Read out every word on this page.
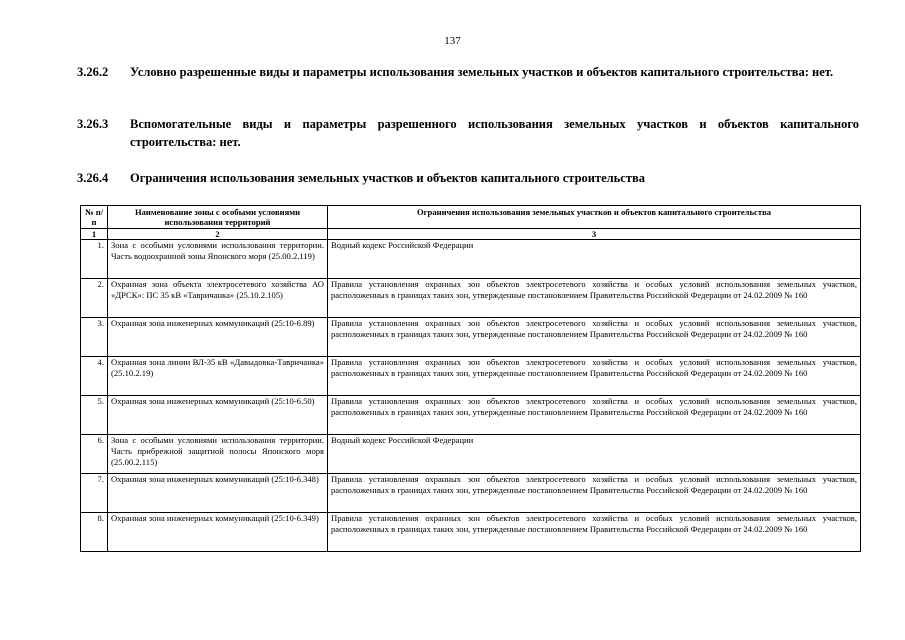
137
3.26.2 Условно разрешенные виды и параметры использования земельных участков и объектов капитального строительства: нет.
3.26.3 Вспомогательные виды и параметры разрешенного использования земельных участков и объектов капитального строительства: нет.
3.26.4 Ограничения использования земельных участков и объектов капитального строительства
№ п/п	Наименование зоны с особыми условиями использования территорий	Ограничения использования земельных участков и объектов капитального строительства
1	2	3
1.	Зона с особыми условиями использования территории. Часть водоохранной зоны Японского моря (25.00.2.119)	Водный кодекс Российской Федерации
2.	Охранная зона объекта электросетевого хозяйства АО «ДРСК»: ПС 35 кВ «Тавричанка» (25.10.2.105)	Правила установления охранных зон объектов электросетевого хозяйства и особых условий использования земельных участков, расположенных в границах таких зон, утвержденные постановлением Правительства Российской Федерации от 24.02.2009 № 160
3.	Охранная зона инженерных коммуникаций (25:10-6.89)	Правила установления охранных зон объектов электросетевого хозяйства и особых условий использования земельных участков, расположенных в границах таких зон, утвержденные постановлением Правительства Российской Федерации от 24.02.2009 № 160
4.	Охранная зона линии ВЛ-35 кВ «Давыдовка-Тавричанка» (25.10.2.19)	Правила установления охранных зон объектов электросетевого хозяйства и особых условий использования земельных участков, расположенных в границах таких зон, утвержденные постановлением Правительства Российской Федерации от 24.02.2009 № 160
5.	Охранная зона инженерных коммуникаций (25:10-6.50)	Правила установления охранных зон объектов электросетевого хозяйства и особых условий использования земельных участков, расположенных в границах таких зон, утвержденные постановлением Правительства Российской Федерации от 24.02.2009 № 160
6.	Зона с особыми условиями использования территории. Часть прибрежной защитной полосы Японского моря (25.00.2.115)	Водный кодекс Российской Федерации
7.	Охранная зона инженерных коммуникаций (25:10-6.348)	Правила установления охранных зон объектов электросетевого хозяйства и особых условий использования земельных участков, расположенных в границах таких зон, утвержденные постановлением Правительства Российской Федерации от 24.02.2009 № 160
8.	Охранная зона инженерных коммуникаций (25:10-6.349)	Правила установления охранных зон объектов электросетевого хозяйства и особых условий использования земельных участков, расположенных в границах таких зон, утвержденные постановлением Правительства Российской Федерации от 24.02.2009 № 160
